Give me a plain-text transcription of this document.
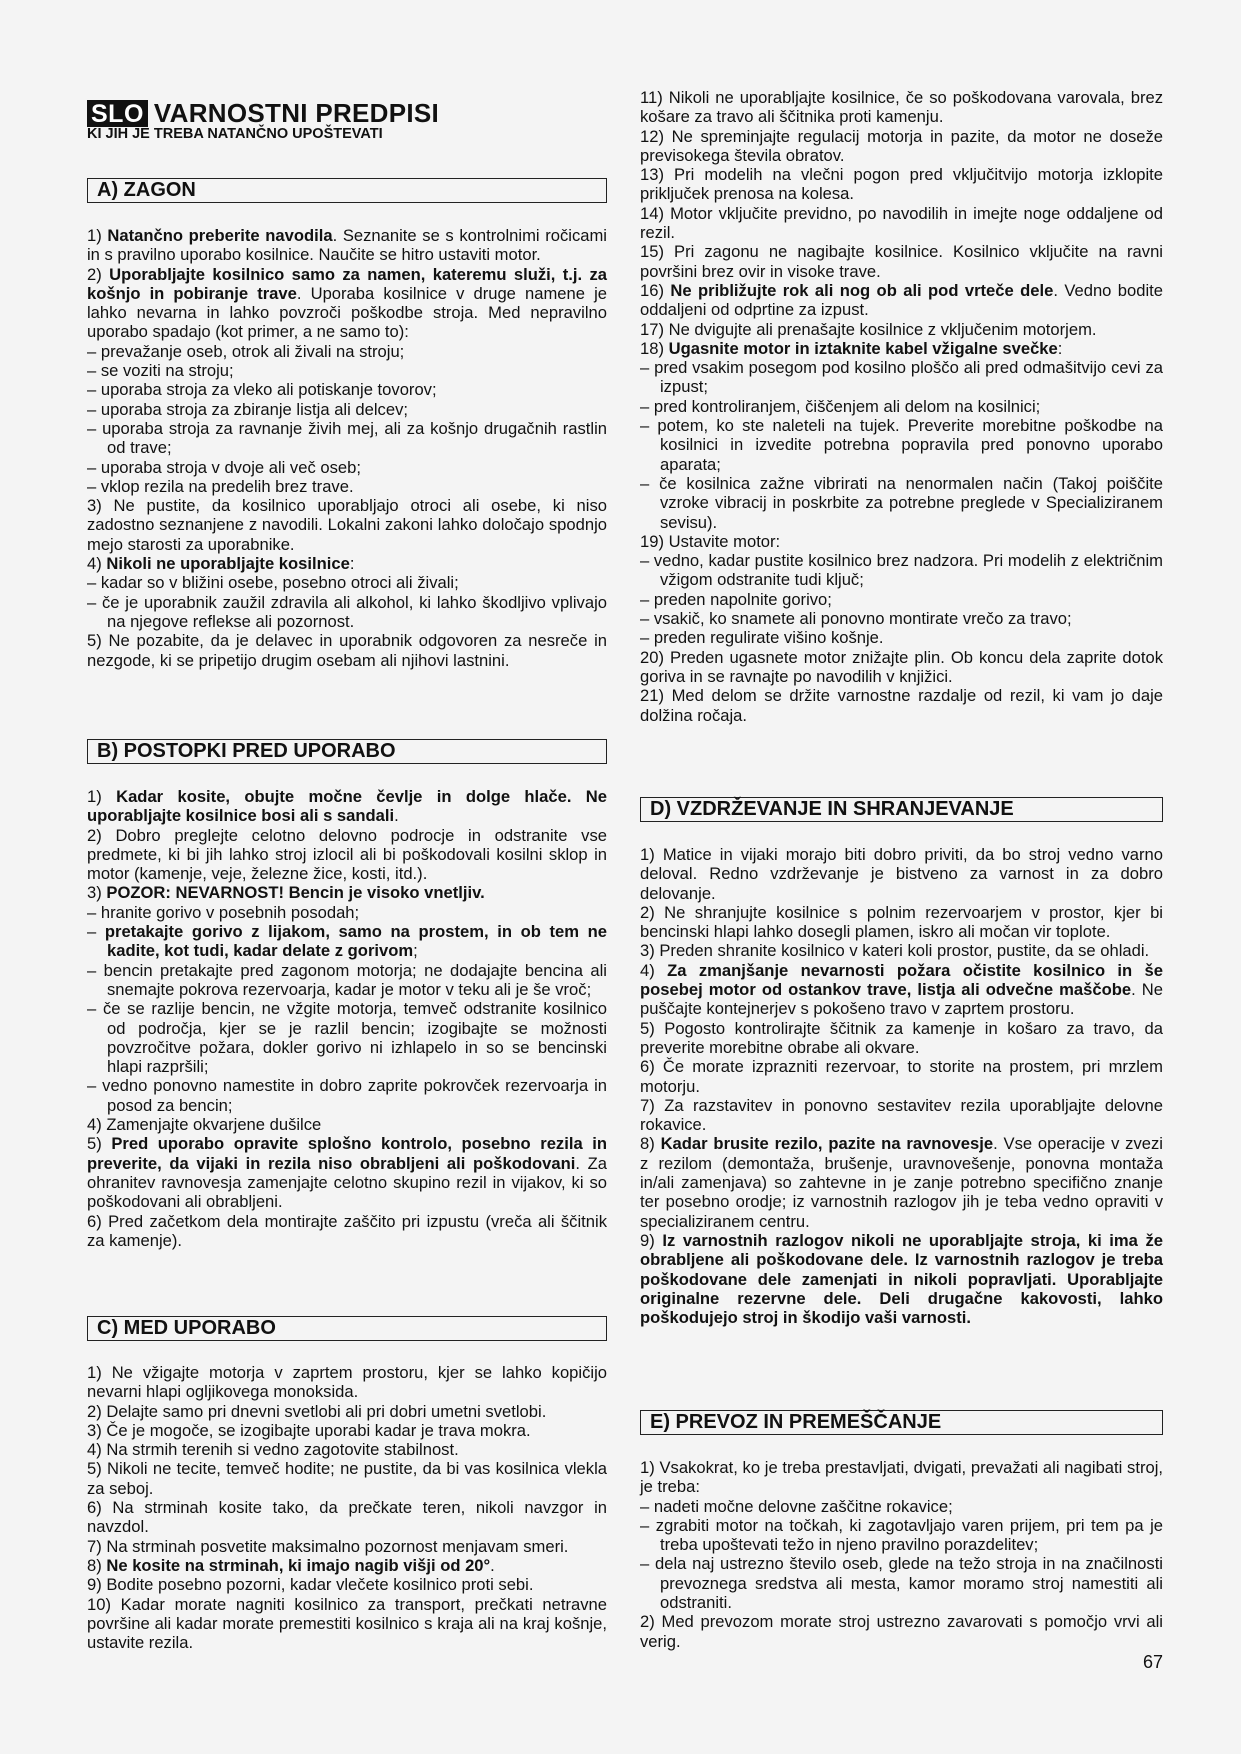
SLO VARNOSTNI PREDPISI
KI JIH JE TREBA NATANČNO UPOŠTEVATI
A) ZAGON

1) Natančno preberite navodila. Seznanite se s kontrolnimi ročicami in s pravilno uporabo kosilnice. Naučite se hitro ustaviti motor.

2) Uporabljajte kosilnico samo za namen, kateremu služi, t.j. za košnjo in pobiranje trave. Uporaba kosilnice v druge namene je lahko nevarna in lahko povzroči poškodbe stroja. Med nepravilno uporabo spadajo (kot primer, a ne samo to):

– prevažanje oseb, otrok ali živali na stroju;

– se voziti na stroju;

– uporaba stroja za vleko ali potiskanje tovorov;

– uporaba stroja za zbiranje listja ali delcev;

– uporaba stroja za ravnanje živih mej, ali za košnjo drugačnih rastlin od trave;

– uporaba stroja v dvoje ali več oseb;

– vklop rezila na predelih brez trave.

3) Ne pustite, da kosilnico uporabljajo otroci ali osebe, ki niso zadostno seznanjene z navodili. Lokalni zakoni lahko določajo spodnjo mejo starosti za uporabnike.

4) Nikoli ne uporabljajte kosilnice:

– kadar so v bližini osebe, posebno otroci ali živali;

– če je uporabnik zaužil zdravila ali alkohol, ki lahko škodljivo vplivajo na njegove reflekse ali pozornost.

5) Ne pozabite, da je delavec in uporabnik odgovoren za nesreče in nezgode, ki se pripetijo drugim osebam ali njihovi lastnini.

B) POSTOPKI PRED UPORABO

1) Kadar kosite, obujte močne čevlje in dolge hlače. Ne uporabljajte kosilnice bosi ali s sandali.

2) Dobro preglejte celotno delovno podrocje in odstranite vse predmete, ki bi jih lahko stroj izlocil ali bi poškodovali kosilni sklop in motor (kamenje, veje, železne žice, kosti, itd.).

3) POZOR: NEVARNOST! Bencin je visoko vnetljiv.

– hranite gorivo v posebnih posodah;

– pretakajte gorivo z lijakom, samo na prostem, in ob tem ne kadite, kot tudi, kadar delate z gorivom;

– bencin pretakajte pred zagonom motorja; ne dodajajte bencina ali snemajte pokrova rezervoarja, kadar je motor v teku ali je še vroč;

– če se razlije bencin, ne vžgite motorja, temveč odstranite kosilnico od področja, kjer se je razlil bencin; izogibajte se možnosti povzročitve požara, dokler gorivo ni izhlapelo in so se bencinski hlapi razpršili;

– vedno ponovno namestite in dobro zaprite pokrovček rezervoarja in posod za bencin;

4) Zamenjajte okvarjene dušilce

5) Pred uporabo opravite splošno kontrolo, posebno rezila in preverite, da vijaki in rezila niso obrabljeni ali poškodovani. Za ohranitev ravnovesja zamenjajte celotno skupino rezil in vijakov, ki so poškodovani ali obrabljeni.

6) Pred začetkom dela montirajte zaščito pri izpustu (vreča ali ščitnik za kamenje).

C) MED UPORABO

1) Ne vžigajte motorja v zaprtem prostoru, kjer se lahko kopičijo nevarni hlapi ogljikovega monoksida.

2) Delajte samo pri dnevni svetlobi ali pri dobri umetni svetlobi.

3) Če je mogoče, se izogibajte uporabi kadar je trava mokra.

4) Na strmih terenih si vedno zagotovite stabilnost.

5) Nikoli ne tecite, temveč hodite; ne pustite, da bi vas kosilnica vlekla za seboj.

6) Na strminah kosite tako, da prečkate teren, nikoli navzgor in navzdol.

7) Na strminah posvetite maksimalno pozornost menjavam smeri.

8) Ne kosite na strminah, ki imajo nagib višji od 20°.

9) Bodite posebno pozorni, kadar vlečete kosilnico proti sebi.

10) Kadar morate nagniti kosilnico za transport, prečkati netravne površine ali kadar morate premestiti kosilnico s kraja ali na kraj košnje, ustavite rezila.

11) Nikoli ne uporabljajte kosilnice, če so poškodovana varovala, brez košare za travo ali ščitnika proti kamenju.

12) Ne spreminjajte regulacij motorja in pazite, da motor ne doseže previsokega števila obratov.

13) Pri modelih na vlečni pogon pred vključitvijo motorja izklopite priključek prenosa na kolesa.

14) Motor vključite previdno, po navodilih in imejte noge oddaljene od rezil.

15) Pri zagonu ne nagibajte kosilnice. Kosilnico vključite na ravni površini brez ovir in visoke trave.

16) Ne približujte rok ali nog ob ali pod vrteče dele. Vedno bodite oddaljeni od odprtine za izpust.

17) Ne dvigujte ali prenašajte kosilnice z vključenim motorjem.

18) Ugasnite motor in iztaknite kabel vžigalne svečke:

– pred vsakim posegom pod kosilno ploščo ali pred odmašitvijo cevi za izpust;

– pred kontroliranjem, čiščenjem ali delom na kosilnici;

– potem, ko ste naleteli na tujek. Preverite morebitne poškodbe na kosilnici in izvedite potrebna popravila pred ponovno uporabo aparata;

– če kosilnica zažne vibrirati na nenormalen način (Takoj poiščite vzroke vibracij in poskrbite za potrebne preglede v Specializiranem sevisu).

19) Ustavite motor:

– vedno, kadar pustite kosilnico brez nadzora. Pri modelih z električnim vžigom odstranite tudi ključ;

– preden napolnite gorivo;

– vsakič, ko snamete ali ponovno montirate vrečo za travo;

– preden regulirate višino košnje.

20) Preden ugasnete motor znižajte plin. Ob koncu dela zaprite dotok goriva in se ravnajte po navodilih v knjižici.

21) Med delom se držite varnostne razdalje od rezil, ki vam jo daje dolžina ročaja.

D) VZDRŽEVANJE IN SHRANJEVANJE

1) Matice in vijaki morajo biti dobro priviti, da bo stroj vedno varno deloval. Redno vzdrževanje je bistveno za varnost in za dobro delovanje.

2) Ne shranjujte kosilnice s polnim rezervoarjem v prostor, kjer bi bencinski hlapi lahko dosegli plamen, iskro ali močan vir toplote.

3) Preden shranite kosilnico v kateri koli prostor, pustite, da se ohladi.

4) Za zmanjšanje nevarnosti požara očistite kosilnico in še posebej motor od ostankov trave, listja ali odvečne maščobe. Ne puščajte kontejnerjev s pokošeno travo v zaprtem prostoru.

5) Pogosto kontrolirajte ščitnik za kamenje in košaro za travo, da preverite morebitne obrabe ali okvare.

6) Če morate izprazniti rezervoar, to storite na prostem, pri mrzlem motorju.

7) Za razstavitev in ponovno sestavitev rezila uporabljajte delovne rokavice.

8) Kadar brusite rezilo, pazite na ravnovesje. Vse operacije v zvezi z rezilom (demontaža, brušenje, uravnovešenje, ponovna montaža in/ali zamenjava) so zahtevne in je zanje potrebno specifično znanje ter posebno orodje; iz varnostnih razlogov jih je teba vedno opraviti v specializiranem centru.

9) Iz varnostnih razlogov nikoli ne uporabljajte stroja, ki ima že obrabljene ali poškodovane dele. Iz varnostnih razlogov je treba poškodovane dele zamenjati in nikoli popravljati. Uporabljajte originalne rezervne dele. Deli drugačne kakovosti, lahko poškodujejo stroj in škodijo vaši varnosti.

E) PREVOZ IN PREMEŠČANJE

1) Vsakokrat, ko je treba prestavljati, dvigati, prevažati ali nagibati stroj, je treba:

– nadeti močne delovne zaščitne rokavice;

– zgrabiti motor na točkah, ki zagotavljajo varen prijem, pri tem pa je treba upoštevati težo in njeno pravilno porazdelitev;

– dela naj ustrezno število oseb, glede na težo stroja in na značilnosti prevoznega sredstva ali mesta, kamor moramo stroj namestiti ali odstraniti.

2) Med prevozom morate stroj ustrezno zavarovati s pomočjo vrvi ali verig.

67
